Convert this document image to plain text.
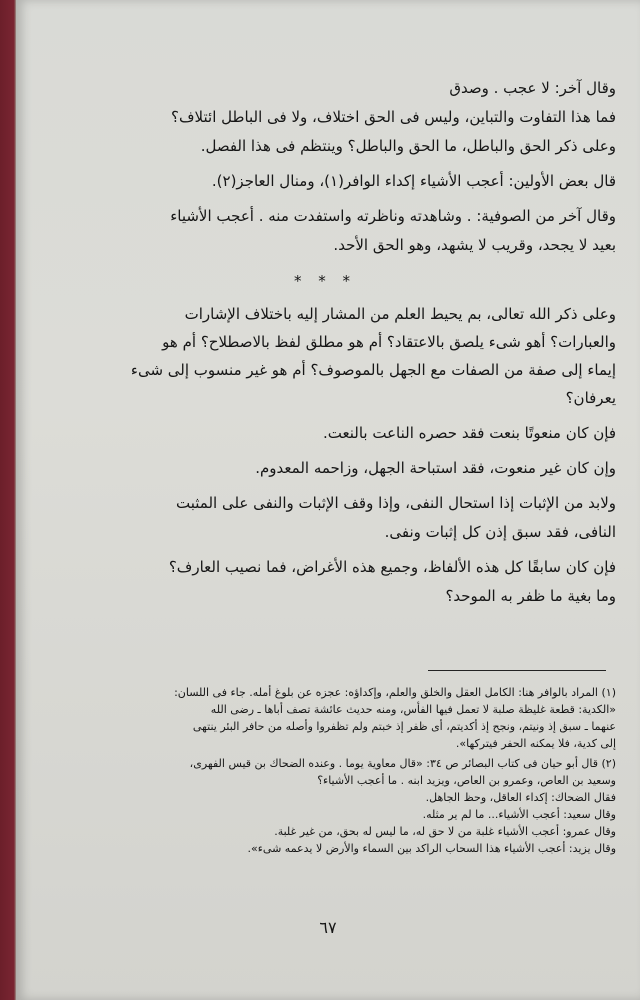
وقال آخر: لا عجب . وصدق
فما هذا التفاوت والتباين، وليس فى الحق اختلاف، ولا فى الباطل ائتلاف؟
وعلى ذكر الحق والباطل، ما الحق والباطل؟ وينتظم فى هذا الفصل.
قال بعض الأولين: أعجب الأشياء إكداء الوافر(١)، ومنال العاجز(٢).
وقال آخر من الصوفية: . وشاهدته وناظرته واستفدت منه . أعجب الأشياء
بعيد لا يجحد، وقريب لا يشهد، وهو الحق الأحد.
* * *
وعلى ذكر الله تعالى، بم يحيط العلم من المشار إليه باختلاف الإشارات
والعبارات؟ أهو شىء يلصق بالاعتقاد؟ أم هو مطلق لفظ بالاصطلاح؟ أم هو
إيماء إلى صفة من الصفات مع الجهل بالموصوف؟ أم هو غير منسوب إلى شىء
يعرفان؟
فإن كان منعوتًا بنعت فقد حصره الناعت بالنعت.
وإن كان غير منعوت، فقد استباحة الجهل، وزاحمه المعدوم.
ولابد من الإثبات إذا استحال النفى، وإذا وقف الإثبات والنفى على المثبت
النافى، فقد سبق إذن كل إثبات ونفى.
فإن كان سابقًا كل هذه الألفاظ، وجميع هذه الأغراض، فما نصيب العارف؟
وما بغية ما ظفر به الموحد؟
(١) المراد بالوافر هنا: الكامل العقل والخلق والعلم، وإكداؤه: عجزه عن بلوغ أمله. جاء فى اللسان:
«الكدية: قطعة غليظة صلبة لا تعمل فيها الفأس، ومنه حديث عائشة تصف أباها ـ رضى الله
عنهما ـ سبق إذ ونيتم، ونجح إذ أكديتم، أى ظفر إذ خبتم ولم تظفروا وأصله من حافر البئر ينتهى
إلى كدية، فلا يمكنه الحفر فيتركها».
(٢) قال أبو حيان فى كتاب البصائر ص ٣٤: «قال معاوية يوما . وعنده الضحاك بن قيس الفهرى،
وسعيد بن العاص، وعمرو بن العاص، ويزيد ابنه . ما أعجب الأشياء؟
فقال الضحاك: إكداء العاقل، وحظ الجاهل.
وقال سعيد: أعجب الأشياء... ما لم ير مثله.
وقال عمرو: أعجب الأشياء غلبة من لا حق له، ما ليس له بحق، من غير غلبة.
وقال يزيد: أعجب الأشياء هذا السحاب الراكد بين السماء والأرض لا يدعمه شىء».
٦٧
